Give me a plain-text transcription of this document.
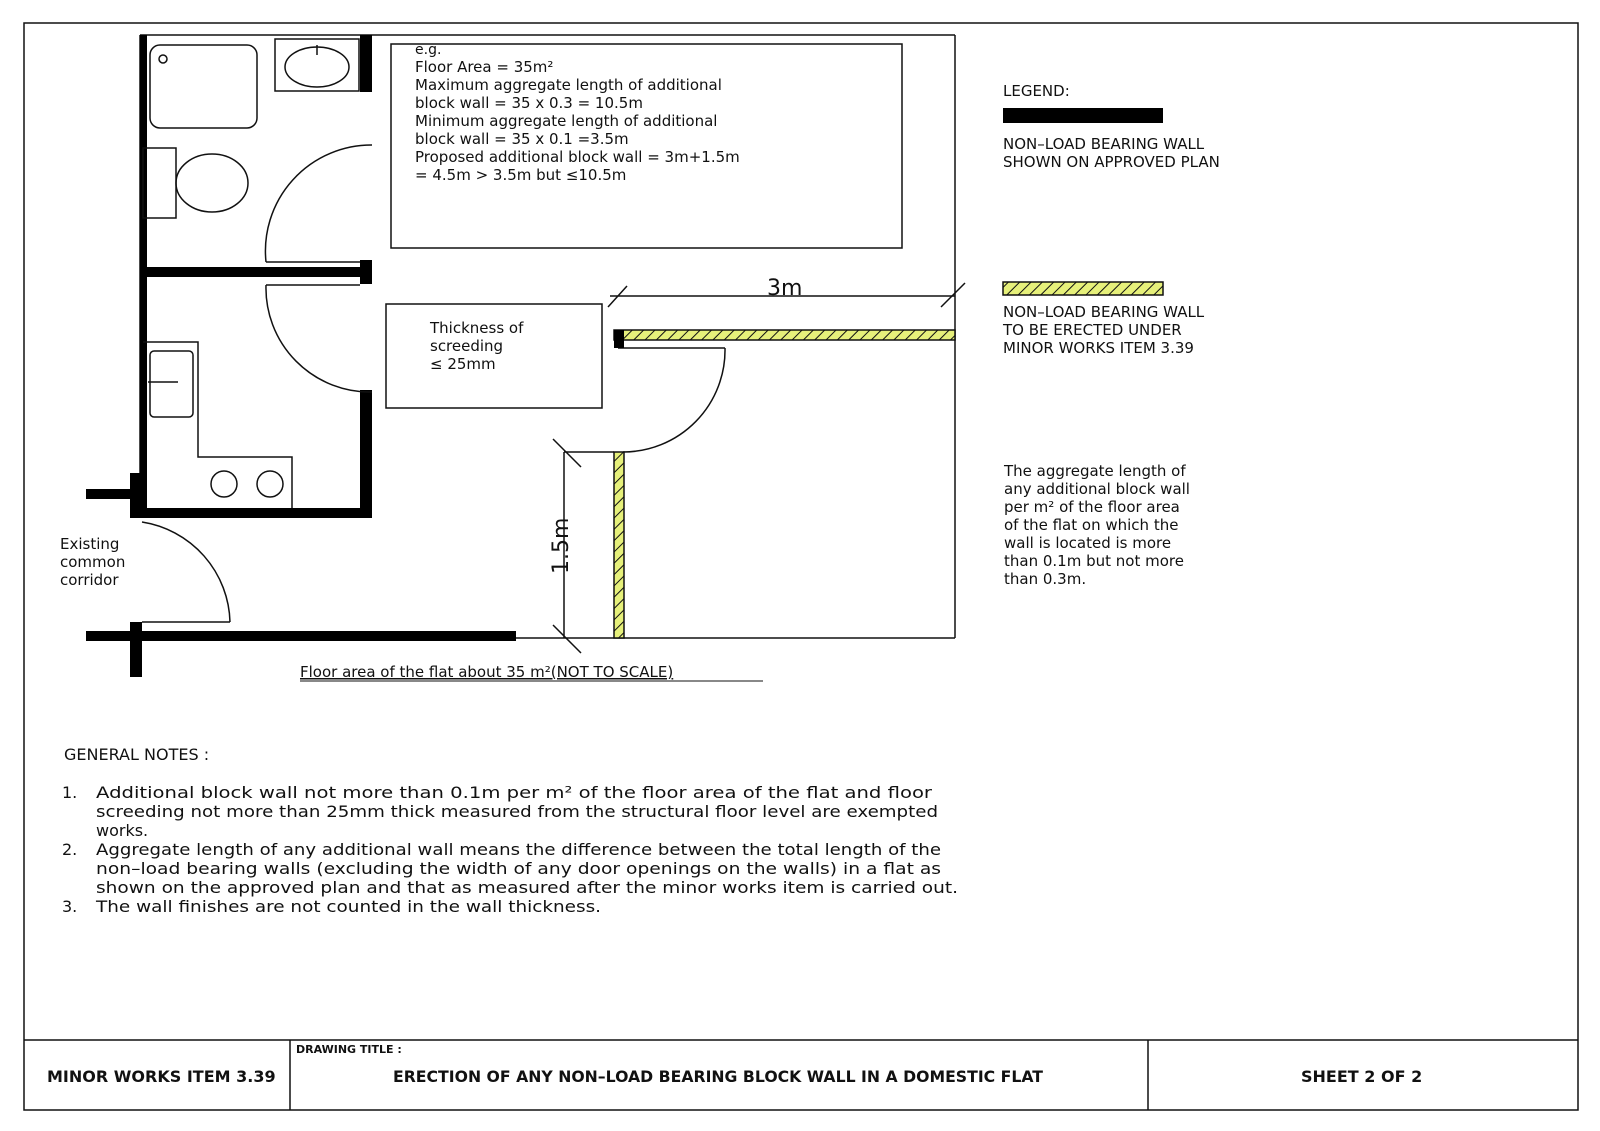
e.g.
Floor Area = 35m²
Maximum aggregate length of additional
block wall = 35 x 0.3 = 10.5m
Minimum aggregate length of additional
block wall = 35 x 0.1 =3.5m
Proposed additional block wall = 3m+1.5m
= 4.5m > 3.5m but ≤10.5m
Thickness of
screeding
≤ 25mm
3m
1.5m
Existing
common
corridor
Floor area of the flat about 35 m²(NOT TO SCALE)
LEGEND:
NON–LOAD BEARING WALL
SHOWN ON APPROVED PLAN
NON–LOAD BEARING WALL
TO BE ERECTED UNDER
MINOR WORKS ITEM 3.39
The aggregate length of
any additional block wall
per m² of the floor area
of the flat on which the
wall is located is more
than 0.1m but not more
than 0.3m.
GENERAL NOTES :
1. Additional block wall not more than 0.1m per m² of the floor area of the flat and floor
screeding not more than 25mm thick measured from the structural floor level are exempted
works.
2. Aggregate length of any additional wall means the difference between the total length of the
non–load bearing walls (excluding the width of any door openings on the walls) in a flat as
shown on the approved plan and that as measured after the minor works item is carried out.
3. The wall finishes are not counted in the wall thickness.
MINOR WORKS ITEM 3.39
DRAWING TITLE :
ERECTION OF ANY NON–LOAD BEARING BLOCK WALL IN A DOMESTIC FLAT	SHEET 2 OF 2
